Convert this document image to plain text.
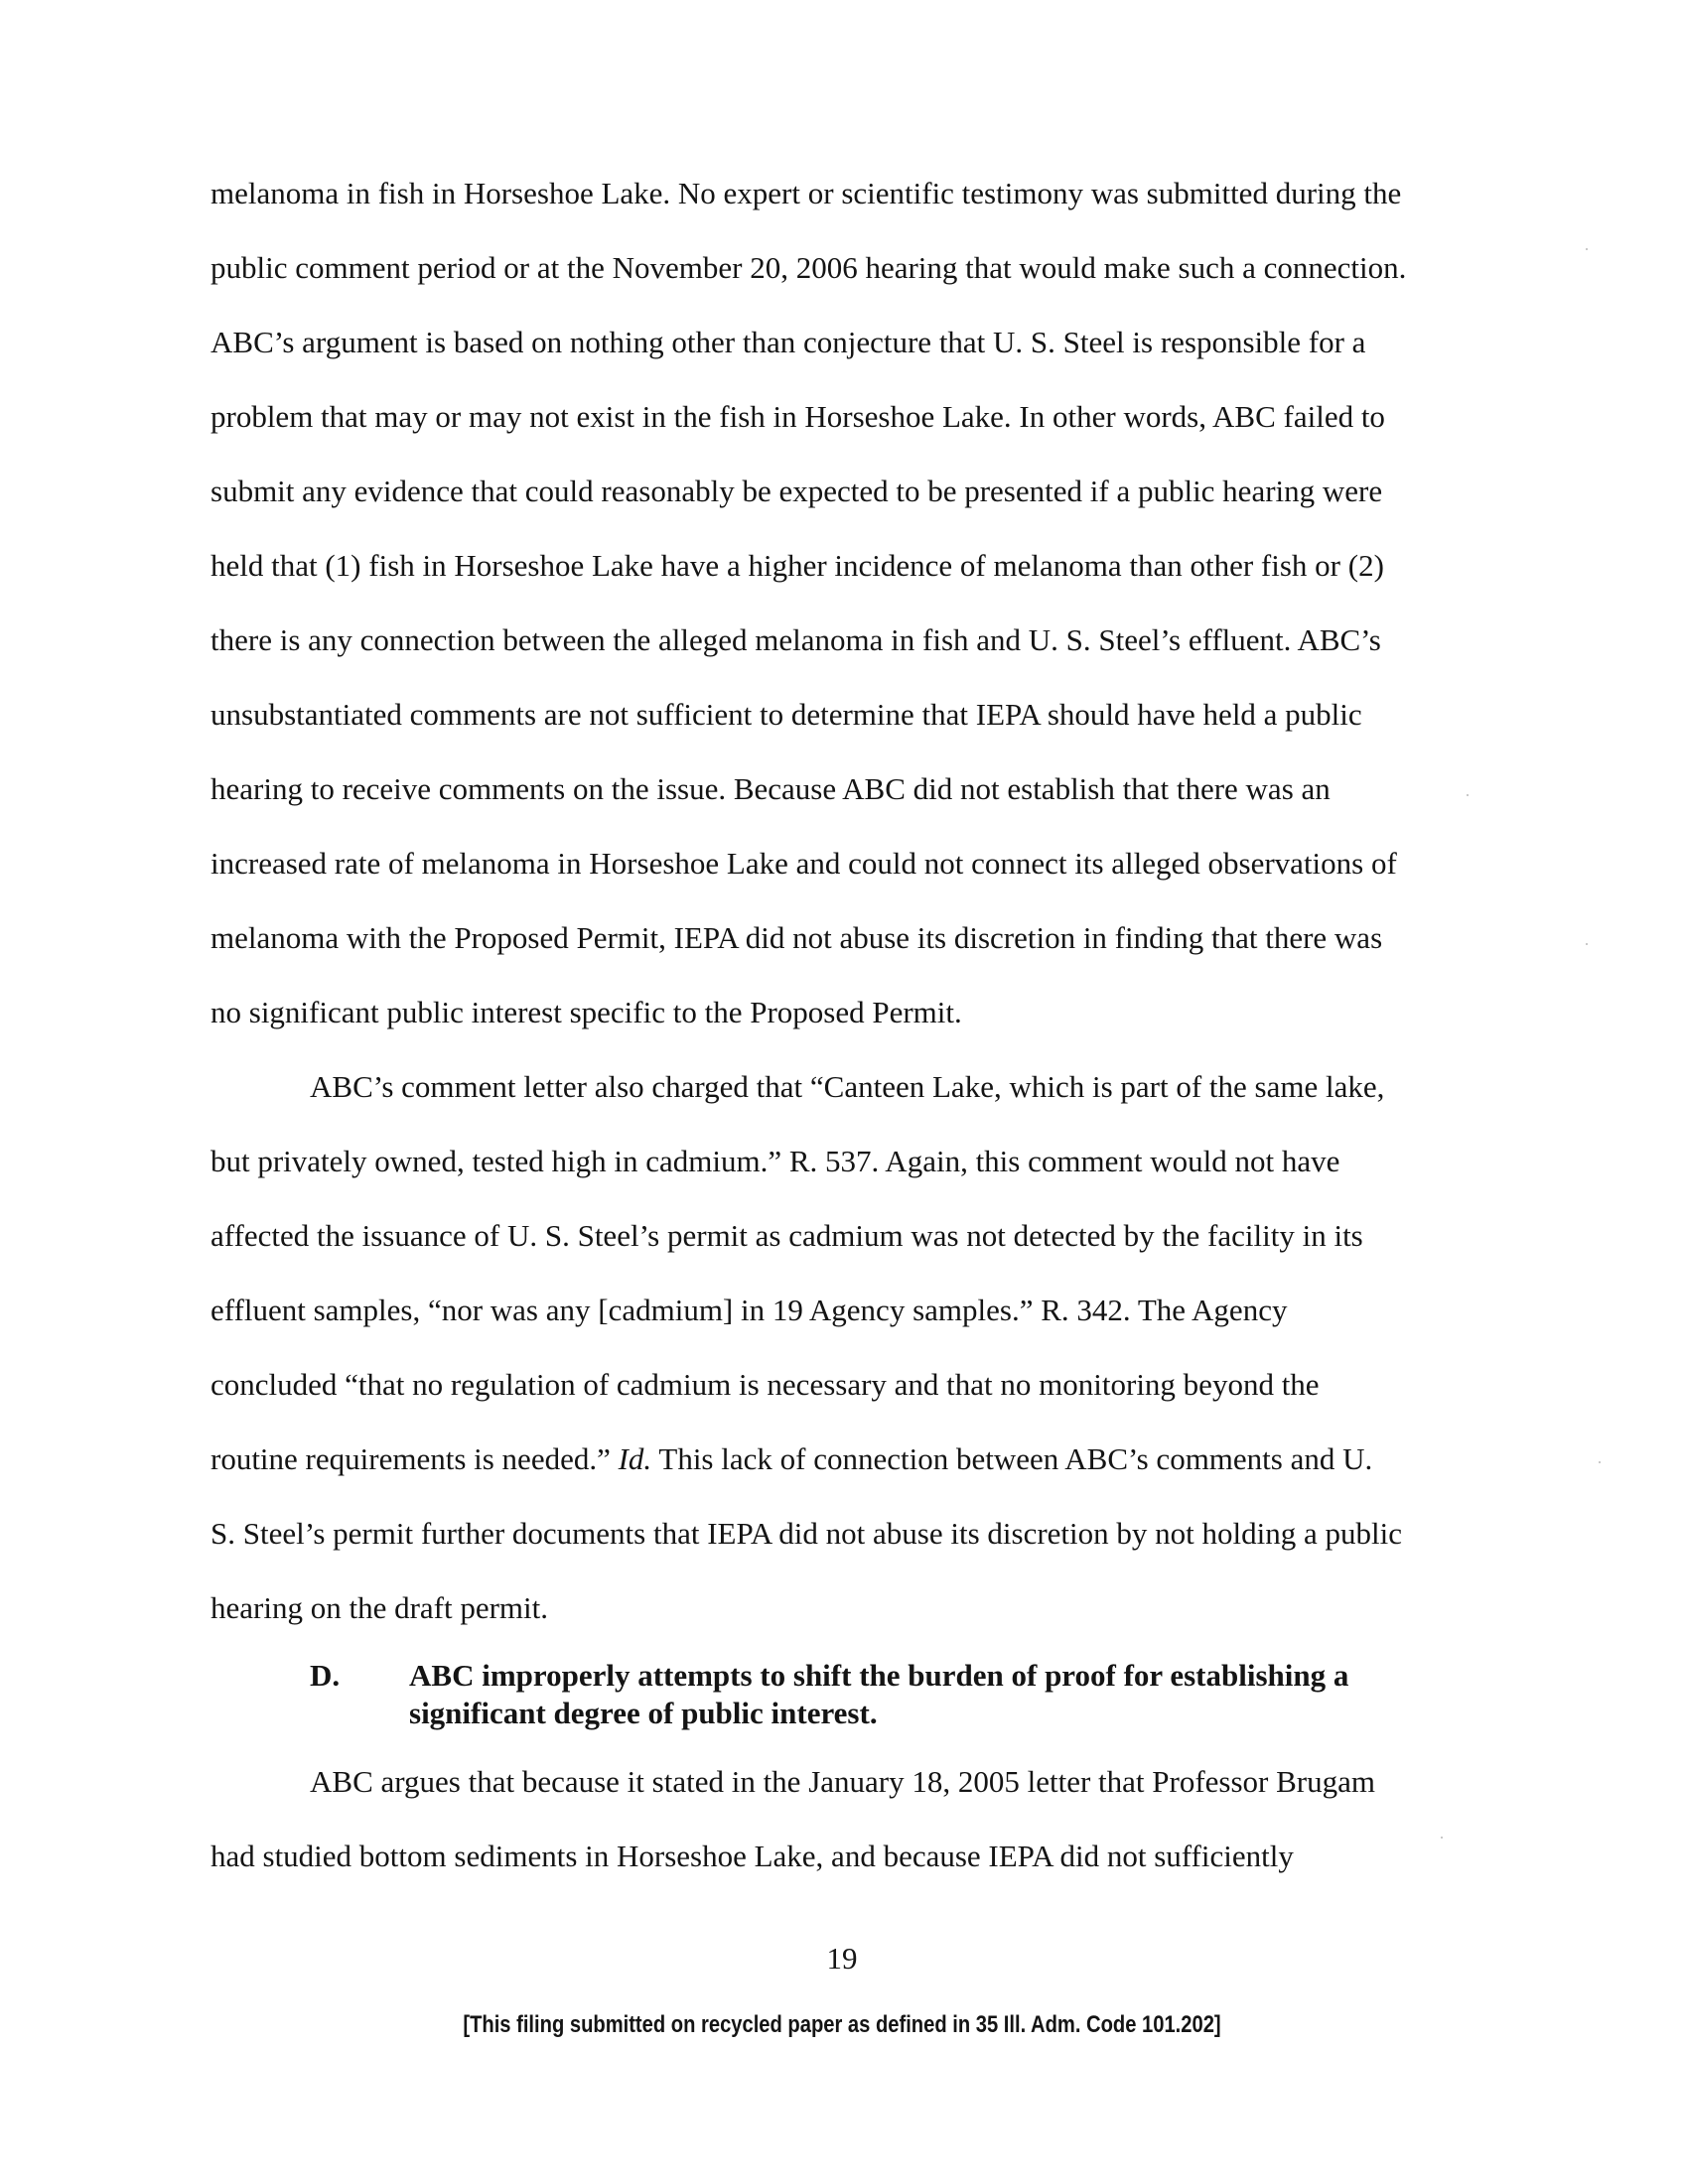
melanoma in fish in Horseshoe Lake. No expert or scientific testimony was submitted during the
public comment period or at the November 20, 2006 hearing that would make such a connection.
ABC’s argument is based on nothing other than conjecture that U. S. Steel is responsible for a
problem that may or may not exist in the fish in Horseshoe Lake. In other words, ABC failed to
submit any evidence that could reasonably be expected to be presented if a public hearing were
held that (1) fish in Horseshoe Lake have a higher incidence of melanoma than other fish or (2)
there is any connection between the alleged melanoma in fish and U. S. Steel’s effluent. ABC’s
unsubstantiated comments are not sufficient to determine that IEPA should have held a public
hearing to receive comments on the issue. Because ABC did not establish that there was an
increased rate of melanoma in Horseshoe Lake and could not connect its alleged observations of
melanoma with the Proposed Permit, IEPA did not abuse its discretion in finding that there was
no significant public interest specific to the Proposed Permit.
ABC’s comment letter also charged that “Canteen Lake, which is part of the same lake,
but privately owned, tested high in cadmium.” R. 537. Again, this comment would not have
affected the issuance of U. S. Steel’s permit as cadmium was not detected by the facility in its
effluent samples, “nor was any [cadmium] in 19 Agency samples.” R. 342. The Agency
concluded “that no regulation of cadmium is necessary and that no monitoring beyond the
routine requirements is needed.” Id. This lack of connection between ABC’s comments and U.
S. Steel’s permit further documents that IEPA did not abuse its discretion by not holding a public
hearing on the draft permit.
D. ABC improperly attempts to shift the burden of proof for establishing a
significant degree of public interest.
ABC argues that because it stated in the January 18, 2005 letter that Professor Brugam
had studied bottom sediments in Horseshoe Lake, and because IEPA did not sufficiently
19
[This filing submitted on recycled paper as defined in 35 Ill. Adm. Code 101.202]
